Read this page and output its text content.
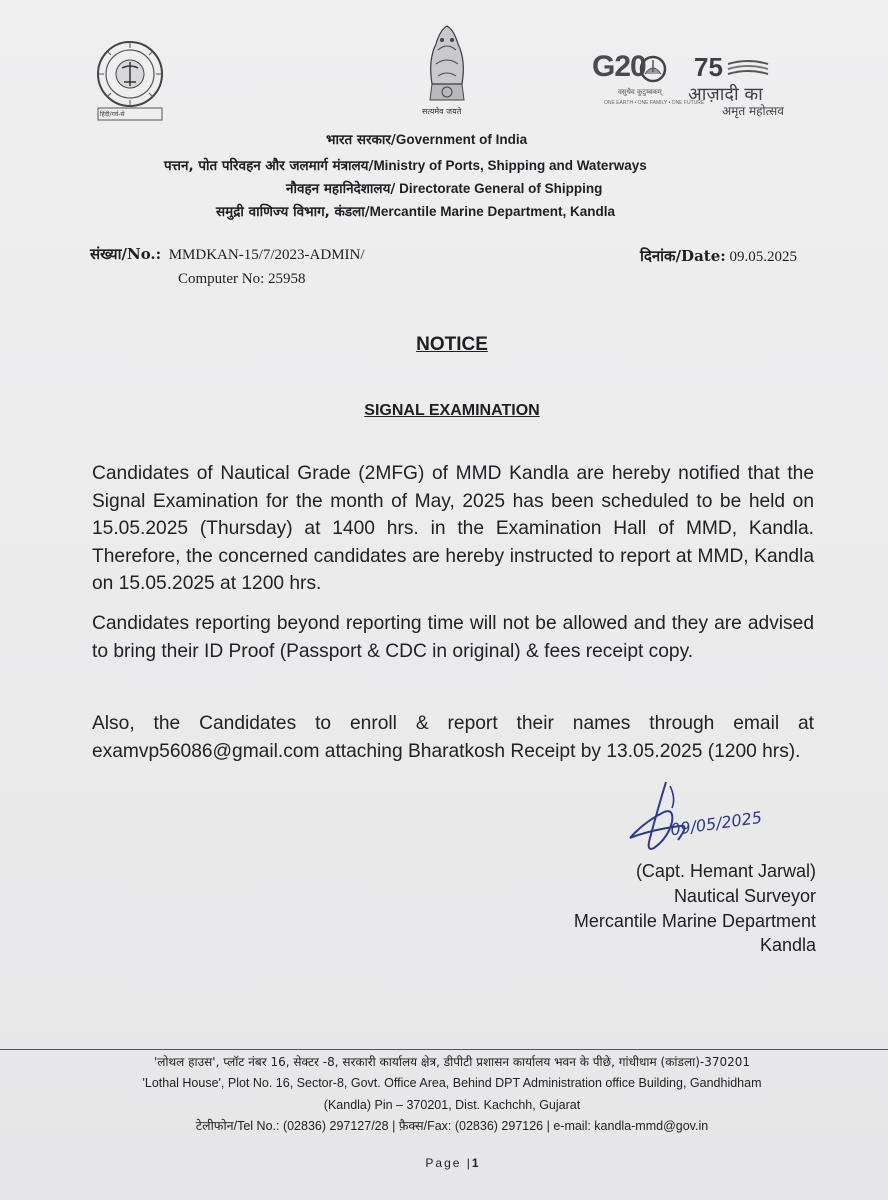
हिंदी/गर्व-से	सत्यमेव जयते
G20
वसुधैव कुटुम्बकम्
ONE EARTH • ONE FAMILY • ONE FUTURE
75
आज़ादी का
अमृत महोत्सव
भारत सरकार/Government of India
पत्तन, पोत परिवहन और जलमार्ग मंत्रालय/Ministry of Ports, Shipping and Waterways
नौवहन महानिदेशालय/ Directorate General of Shipping
समुद्री वाणिज्य विभाग, कंडला/Mercantile Marine Department, Kandla
संख्या/No.: MMDKAN-15/7/2023-ADMIN/
Computer No: 25958
दिनांक/Date: 09.05.2025
NOTICE
SIGNAL EXAMINATION
Candidates of Nautical Grade (2MFG) of MMD Kandla are hereby notified that the Signal Examination for the month of May, 2025 has been scheduled to be held on 15.05.2025 (Thursday) at 1400 hrs. in the Examination Hall of MMD, Kandla. Therefore, the concerned candidates are hereby instructed to report at MMD, Kandla on 15.05.2025 at 1200 hrs.
Candidates reporting beyond reporting time will not be allowed and they are advised to bring their ID Proof (Passport & CDC in original) & fees receipt copy.
Also, the Candidates to enroll & report their names through email at examvp56086@gmail.com attaching Bharatkosh Receipt by 13.05.2025 (1200 hrs).
09/05/2025
(Capt. Hemant Jarwal)
Nautical Surveyor
Mercantile Marine Department
Kandla
'लोथल हाउस', प्लॉट नंबर 16, सेक्टर -8, सरकारी कार्यालय क्षेत्र, डीपीटी प्रशासन कार्यालय भवन के पीछे, गांधीधाम (कांडला)-370201
'Lothal House', Plot No. 16, Sector-8, Govt. Office Area, Behind DPT Administration office Building, Gandhidham
(Kandla) Pin – 370201, Dist. Kachchh, Gujarat
टेलीफोन/Tel No.: (02836) 297127/28 | फ़ैक्स/Fax: (02836) 297126 | e-mail: kandla-mmd@gov.in
Page |1
